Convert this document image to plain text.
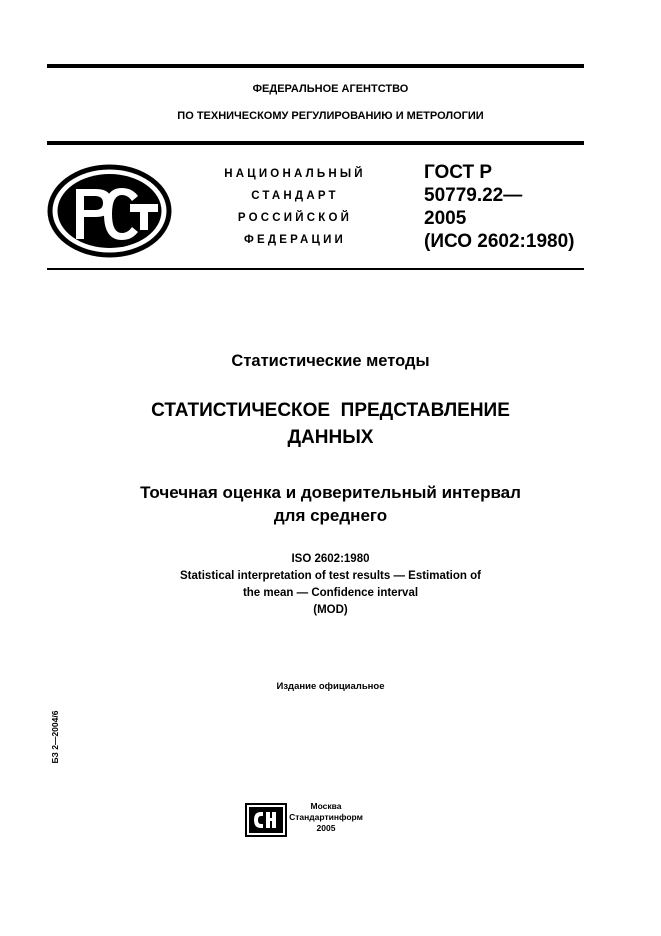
ФЕДЕРАЛЬНОЕ АГЕНТСТВО
ПО ТЕХНИЧЕСКОМУ РЕГУЛИРОВАНИЮ И МЕТРОЛОГИИ
НАЦИОНАЛЬНЫЙ
СТАНДАРТ
РОССИЙСКОЙ
ФЕДЕРАЦИИ
ГОСТ Р
50779.22—
2005
(ИСО 2602:1980)
Статистические методы
СТАТИСТИЧЕСКОЕ  ПРЕДСТАВЛЕНИЕ
ДАННЫХ
Точечная оценка и доверительный интервал
для среднего
ISO 2602:1980
Statistical interpretation of test results — Estimation of
the mean — Confidence interval
(MOD)
Издание официальное
БЗ 2—2004/6
Москва
Стандартинформ
2005
